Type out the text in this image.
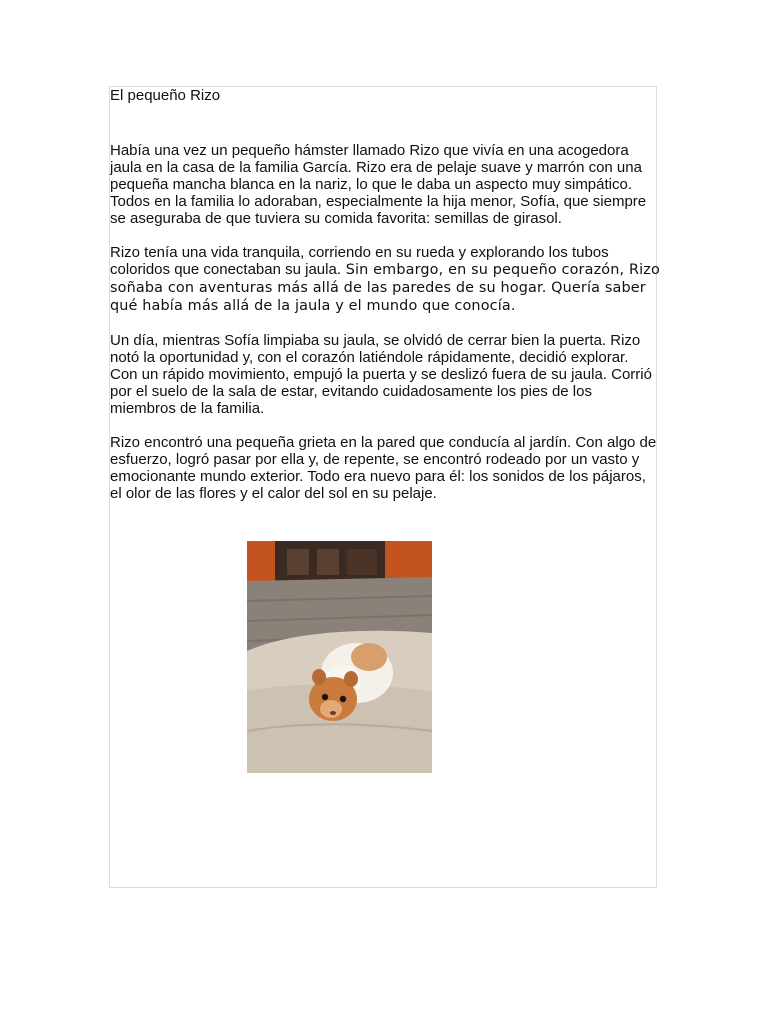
El pequeño Rizo

Había una vez un pequeño hámster llamado Rizo que vivía en una acogedora jaula en la casa de la familia García. Rizo era de pelaje suave y marrón con una pequeña mancha blanca en la nariz, lo que le daba un aspecto muy simpático. Todos en la familia lo adoraban, especialmente la hija menor, Sofía, que siempre se aseguraba de que tuviera su comida favorita: semillas de girasol.

Rizo tenía una vida tranquila, corriendo en su rueda y explorando los tubos coloridos que conectaban su jaula. Sin embargo, en su pequeño corazón, Rizo soñaba con aventuras más allá de las paredes de su hogar. Quería saber qué había más allá de la jaula y el mundo que conocía.

Un día, mientras Sofía limpiaba su jaula, se olvidó de cerrar bien la puerta. Rizo notó la oportunidad y, con el corazón latiéndole rápidamente, decidió explorar. Con un rápido movimiento, empujó la puerta y se deslizó fuera de su jaula. Corrió por el suelo de la sala de estar, evitando cuidadosamente los pies de los miembros de la familia.

Rizo encontró una pequeña grieta en la pared que conducía al jardín. Con algo de esfuerzo, logró pasar por ella y, de repente, se encontró rodeado por un vasto y emocionante mundo exterior. Todo era nuevo para él: los sonidos de los pájaros, el olor de las flores y el calor del sol en su pelaje.
